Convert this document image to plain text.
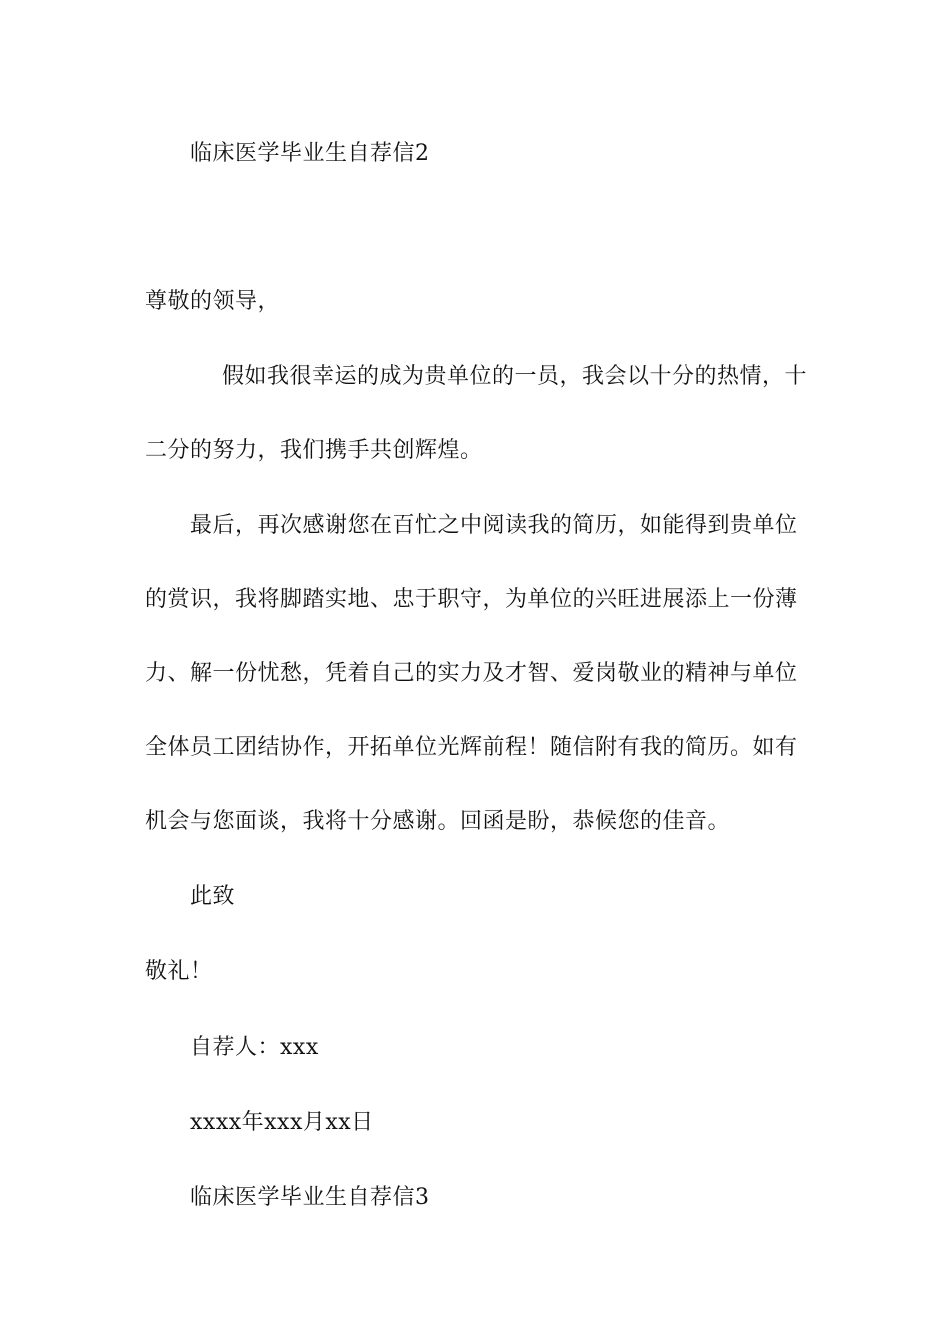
临床医学毕业生自荐信2

尊敬的领导，

假如我很幸运的成为贵单位的一员，我会以十分的热情，十

二分的努力，我们携手共创辉煌。

最后，再次感谢您在百忙之中阅读我的简历，如能得到贵单位

的赏识，我将脚踏实地、忠于职守，为单位的兴旺进展添上一份薄

力、解一份忧愁，凭着自己的实力及才智、爱岗敬业的精神与单位

全体员工团结协作，开拓单位光辉前程！随信附有我的简历。如有

机会与您面谈，我将十分感谢。回函是盼，恭候您的佳音。

此致

敬礼！

自荐人：xxx

xxxx年xxx月xx日

临床医学毕业生自荐信3
